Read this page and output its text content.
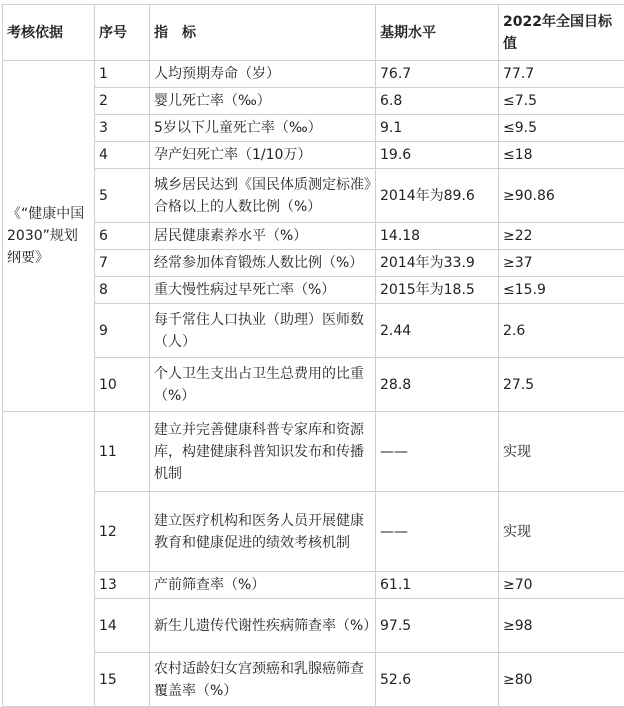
考核依据	序号	指　标	基期水平	2022年全国目标值
《“健康中国2030”规划纲要》	1	人均预期寿命（岁）	76.7	77.7
	2	婴儿死亡率（‰）	6.8	≤7.5
	3	5岁以下儿童死亡率（‰）	9.1	≤9.5
	4	孕产妇死亡率（1/10万）	19.6	≤18
	5	城乡居民达到《国民体质测定标准》合格以上的人数比例（%）	2014年为89.6	≥90.86
	6	居民健康素养水平（%）	14.18	≥22
	7	经常参加体育锻炼人数比例（%）	2014年为33.9	≥37
	8	重大慢性病过早死亡率（%）	2015年为18.5	≤15.9
	9	每千常住人口执业（助理）医师数（人）	2.44	2.6
	10	个人卫生支出占卫生总费用的比重（%）	28.8	27.5
	11	建立并完善健康科普专家库和资源库，构建健康科普知识发布和传播机制	——	实现
	12	建立医疗机构和医务人员开展健康教育和健康促进的绩效考核机制	——	实现
	13	产前筛查率（%）	61.1	≥70
	14	新生儿遗传代谢性疾病筛查率（%）	97.5	≥98
	15	农村适龄妇女宫颈癌和乳腺癌筛查覆盖率（%）	52.6	≥80
